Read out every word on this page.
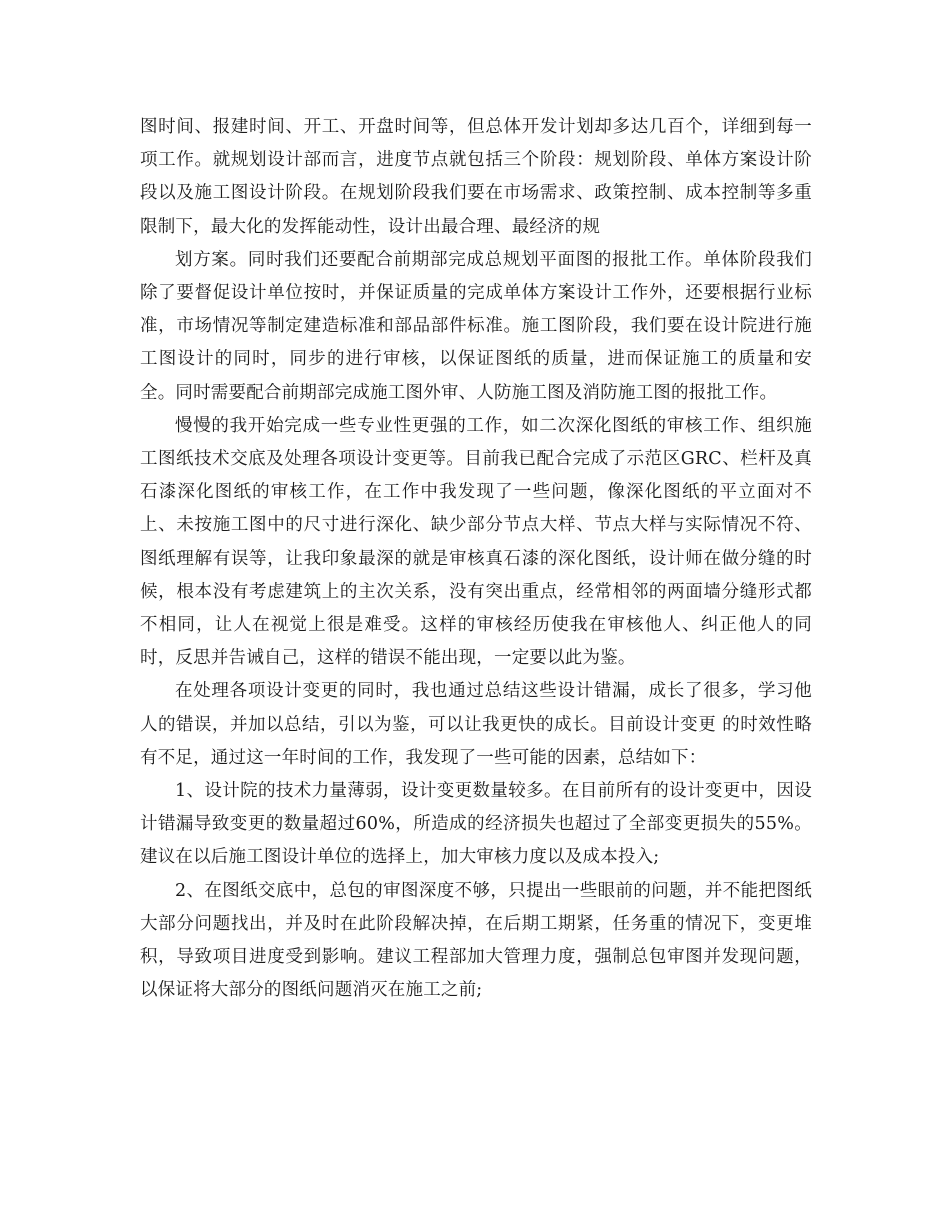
图时间、报建时间、开工、开盘时间等，但总体开发计划却多达几百个，详细到每一项工作。就规划设计部而言，进度节点就包括三个阶段：规划阶段、单体方案设计阶段以及施工图设计阶段。在规划阶段我们要在市场需求、政策控制、成本控制等多重限制下，最大化的发挥能动性，设计出最合理、最经济的规

划方案。同时我们还要配合前期部完成总规划平面图的报批工作。单体阶段我们除了要督促设计单位按时，并保证质量的完成单体方案设计工作外，还要根据行业标准，市场情况等制定建造标准和部品部件标准。施工图阶段，我们要在设计院进行施工图设计的同时，同步的进行审核，以保证图纸的质量，进而保证施工的质量和安全。同时需要配合前期部完成施工图外审、人防施工图及消防施工图的报批工作。

慢慢的我开始完成一些专业性更强的工作，如二次深化图纸的审核工作、组织施工图纸技术交底及处理各项设计变更等。目前我已配合完成了示范区GRC、栏杆及真石漆深化图纸的审核工作，在工作中我发现了一些问题，像深化图纸的平立面对不上、未按施工图中的尺寸进行深化、缺少部分节点大样、节点大样与实际情况不符、图纸理解有误等，让我印象最深的就是审核真石漆的深化图纸，设计师在做分缝的时候，根本没有考虑建筑上的主次关系，没有突出重点，经常相邻的两面墙分缝形式都不相同，让人在视觉上很是难受。这样的审核经历使我在审核他人、纠正他人的同时，反思并告诫自己，这样的错误不能出现，一定要以此为鉴。

在处理各项设计变更的同时，我也通过总结这些设计错漏，成长了很多，学习他人的错误，并加以总结，引以为鉴，可以让我更快的成长。目前设计变更 的时效性略有不足，通过这一年时间的工作，我发现了一些可能的因素，总结如下：

1、设计院的技术力量薄弱，设计变更数量较多。在目前所有的设计变更中，因设计错漏导致变更的数量超过60%，所造成的经济损失也超过了全部变更损失的55%。建议在以后施工图设计单位的选择上，加大审核力度以及成本投入;

2、在图纸交底中，总包的审图深度不够，只提出一些眼前的问题，并不能把图纸大部分问题找出，并及时在此阶段解决掉，在后期工期紧，任务重的情况下，变更堆积，导致项目进度受到影响。建议工程部加大管理力度，强制总包审图并发现问题，以保证将大部分的图纸问题消灭在施工之前;
